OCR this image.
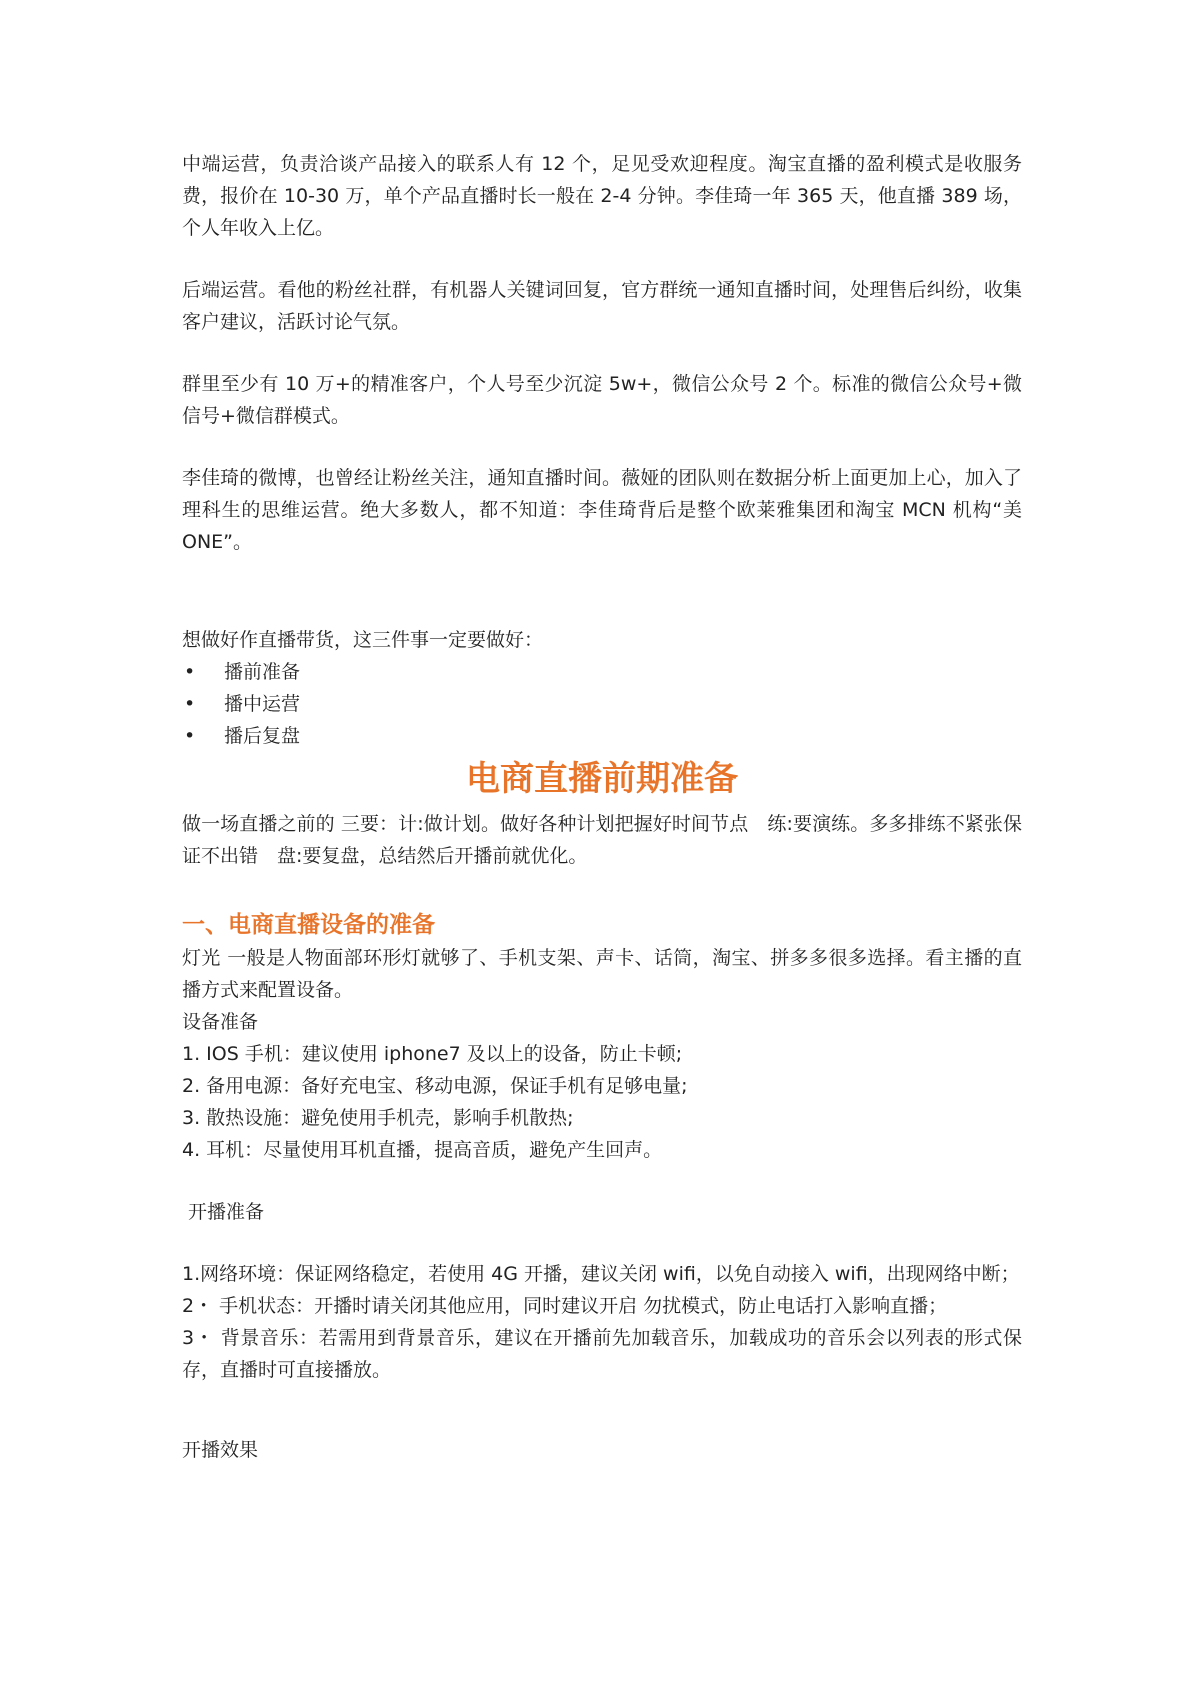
中端运营，负责洽谈产品接入的联系人有 12 个，足见受欢迎程度。淘宝直播的盈利模式是收服务费，报价在 10-30 万，单个产品直播时长一般在 2-4 分钟。李佳琦一年 365 天，他直播 389 场，个人年收入上亿。

后端运营。看他的粉丝社群，有机器人关键词回复，官方群统一通知直播时间，处理售后纠纷，收集客户建议，活跃讨论气氛。

群里至少有 10 万+的精准客户，个人号至少沉淀 5w+，微信公众号 2 个。标准的微信公众号+微信号+微信群模式。

李佳琦的微博，也曾经让粉丝关注，通知直播时间。薇娅的团队则在数据分析上面更加上心，加入了理科生的思维运营。绝大多数人，都不知道：李佳琦背后是整个欧莱雅集团和淘宝 MCN 机构“美 ONE”。

想做好作直播带货，这三件事一定要做好：

• 播前准备
• 播中运营
• 播后复盘
电商直播前期准备

做一场直播之前的 三要：计:做计划。做好各种计划把握好时间节点　练:要演练。多多排练不紧张保证不出错　盘:要复盘，总结然后开播前就优化。

一、电商直播设备的准备

灯光 一般是人物面部环形灯就够了、手机支架、声卡、话筒，淘宝、拼多多很多选择。看主播的直播方式来配置设备。

设备准备

1. IOS 手机：建议使用 iphone7 及以上的设备，防止卡顿;

2. 备用电源：备好充电宝、移动电源，保证手机有足够电量;

3. 散热设施：避免使用手机壳，影响手机散热;

4. 耳机：尽量使用耳机直播，提高音质，避免产生回声。

开播准备

1.网络环境：保证网络稳定，若使用 4G 开播，建议关闭 wifi，以免自动接入 wifi，出现网络中断；

2・ 手机状态：开播时请关闭其他应用，同时建议开启 勿扰模式，防止电话打入影响直播；

3・ 背景音乐：若需用到背景音乐，建议在开播前先加载音乐，加载成功的音乐会以列表的形式保存，直播时可直接播放。

开播效果
